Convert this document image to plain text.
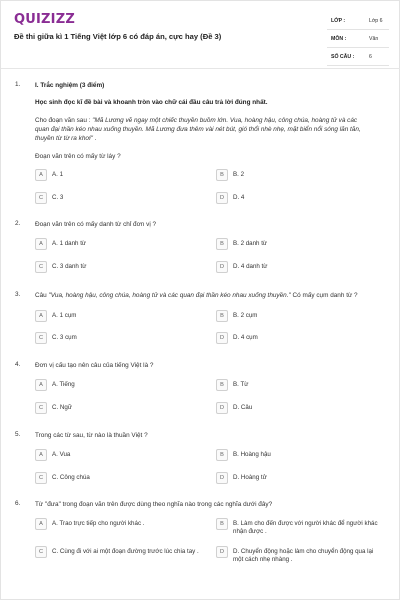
QUIZIZZ
Đề thi giữa kì 1 Tiếng Việt lớp 6 có đáp án, cực hay (Đề 3)
LỚP :	Lớp 6
MÔN :	Văn
SỐ CÂU :	6
1. I. Trắc nghiệm (3 điểm)
Học sinh đọc kĩ đề bài và khoanh tròn vào chữ cái đầu câu trả lời đúng nhất.
Cho đoạn văn sau : "Mã Lương vẽ ngay một chiếc thuyền buồm lớn. Vua, hoàng hậu, công chúa, hoàng tử và các
quan đại thần kéo nhau xuống thuyền. Mã Lương đưa thêm vài nét bút, gió thổi nhè nhẹ, mặt biển nổi sóng lăn tăn,
thuyền từ từ ra khơi" .
Đoạn văn trên có mấy từ láy ?
A	A. 1	B	B. 2
C	C. 3	D	D. 4
2. Đoạn văn trên có mấy danh từ chỉ đơn vị ?
A	A. 1 danh từ	B	B. 2 danh từ
C	C. 3 danh từ	D	D. 4 danh từ
3. Câu "Vua, hoàng hậu, công chúa, hoàng tử và các quan đại thần kéo nhau xuống thuyền." Có mấy cụm danh từ ?
A	A. 1 cụm	B	B. 2 cụm
C	C. 3 cụm	D	D. 4 cụm
4. Đơn vị cấu tạo nên câu của tiếng Việt là ?
A	A. Tiếng	B	B. Từ
C	C. Ngữ	D	D. Câu
5. Trong các từ sau, từ nào là thuần Việt ?
A	A. Vua	B	B. Hoàng hậu
C	C. Công chúa	D	D. Hoàng tử
6. Từ "đưa" trong đoạn văn trên được dùng theo nghĩa nào trong các nghĩa dưới đây?
A	A. Trao trực tiếp cho người khác .	B	B. Làm cho đến được với người khác để người khác nhận được .
C	C. Cùng đi với ai một đoạn đường trước lúc chia tay .	D	D. Chuyển động hoặc làm cho chuyển động qua lại một cách nhẹ nhàng .
